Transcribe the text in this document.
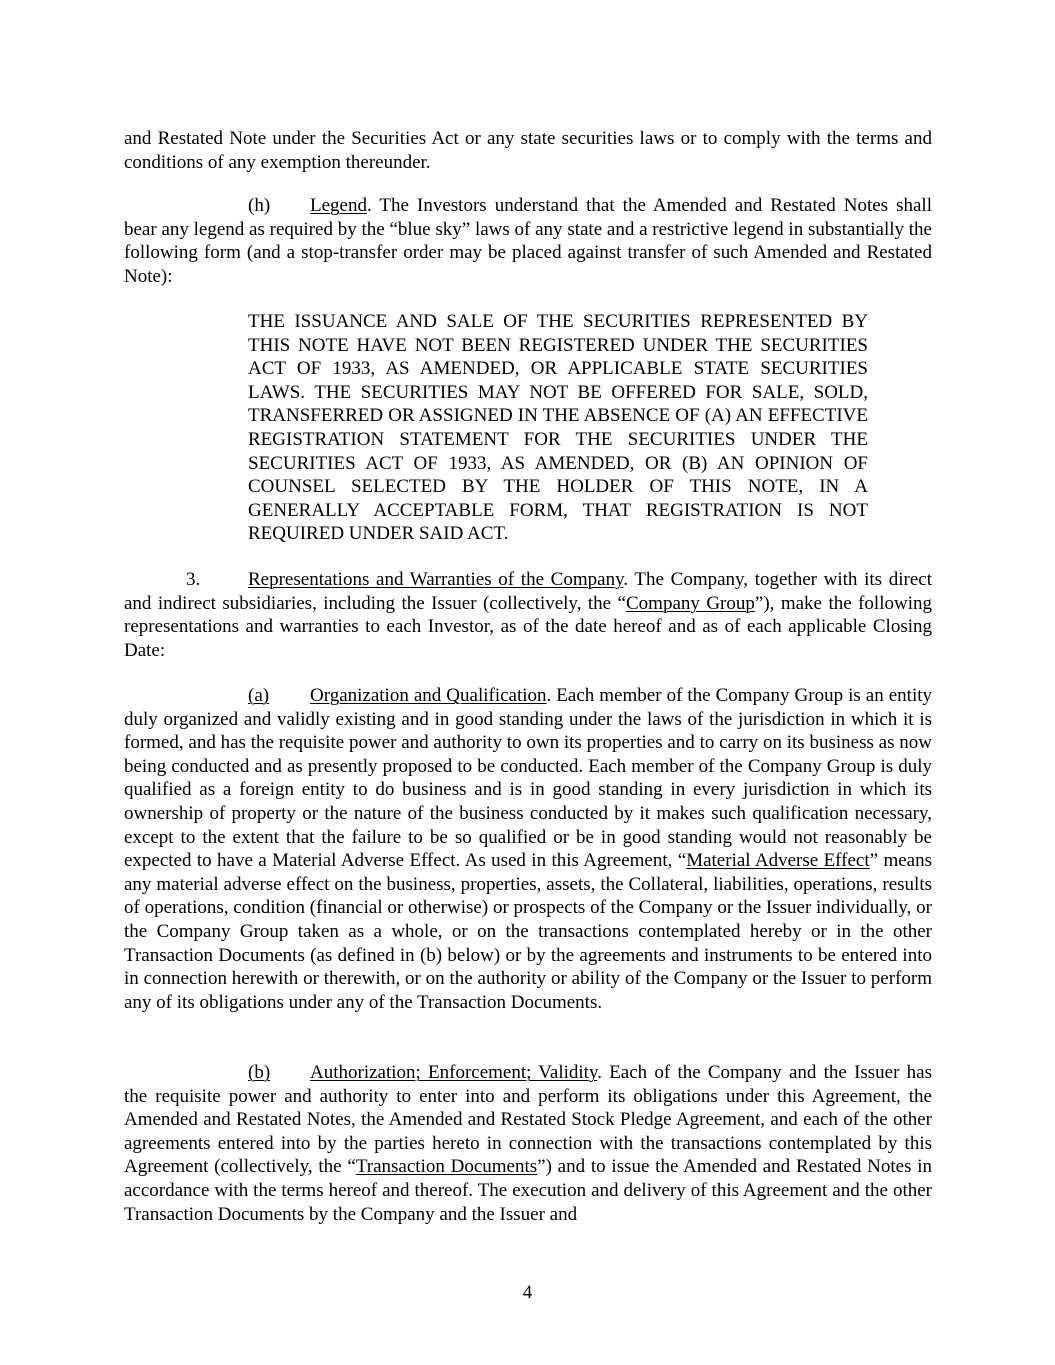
and Restated Note under the Securities Act or any state securities laws or to comply with the terms and conditions of any exemption thereunder.

(h) Legend. The Investors understand that the Amended and Restated Notes shall bear any legend as required by the “blue sky” laws of any state and a restrictive legend in substantially the following form (and a stop-transfer order may be placed against transfer of such Amended and Restated Note):

THE ISSUANCE AND SALE OF THE SECURITIES REPRESENTED BY THIS NOTE HAVE NOT BEEN REGISTERED UNDER THE SECURITIES ACT OF 1933, AS AMENDED, OR APPLICABLE STATE SECURITIES LAWS. THE SECURITIES MAY NOT BE OFFERED FOR SALE, SOLD, TRANSFERRED OR ASSIGNED IN THE ABSENCE OF (A) AN EFFECTIVE REGISTRATION STATEMENT FOR THE SECURITIES UNDER THE SECURITIES ACT OF 1933, AS AMENDED, OR (B) AN OPINION OF COUNSEL SELECTED BY THE HOLDER OF THIS NOTE, IN A GENERALLY ACCEPTABLE FORM, THAT REGISTRATION IS NOT REQUIRED UNDER SAID ACT.

3.	Representations and Warranties of the Company. The Company, together with its direct and indirect subsidiaries, including the Issuer (collectively, the “Company Group”), make the following representations and warranties to each Investor, as of the date hereof and as of each applicable Closing Date:

(a) Organization and Qualification. Each member of the Company Group is an entity duly organized and validly existing and in good standing under the laws of the jurisdiction in which it is formed, and has the requisite power and authority to own its properties and to carry on its business as now being conducted and as presently proposed to be conducted. Each member of the Company Group is duly qualified as a foreign entity to do business and is in good standing in every jurisdiction in which its ownership of property or the nature of the business conducted by it makes such qualification necessary, except to the extent that the failure to be so qualified or be in good standing would not reasonably be expected to have a Material Adverse Effect. As used in this Agreement, “Material Adverse Effect” means any material adverse effect on the business, properties, assets, the Collateral, liabilities, operations, results of operations, condition (financial or otherwise) or prospects of the Company or the Issuer individually, or the Company Group taken as a whole, or on the transactions contemplated hereby or in the other Transaction Documents (as defined in (b) below) or by the agreements and instruments to be entered into in connection herewith or therewith, or on the authority or ability of the Company or the Issuer to perform any of its obligations under any of the Transaction Documents.

(b) Authorization; Enforcement; Validity. Each of the Company and the Issuer has the requisite power and authority to enter into and perform its obligations under this Agreement, the Amended and Restated Notes, the Amended and Restated Stock Pledge Agreement, and each of the other agreements entered into by the parties hereto in connection with the transactions contemplated by this Agreement (collectively, the “Transaction Documents”) and to issue the Amended and Restated Notes in accordance with the terms hereof and thereof. The execution and delivery of this Agreement and the other Transaction Documents by the Company and the Issuer and

4
